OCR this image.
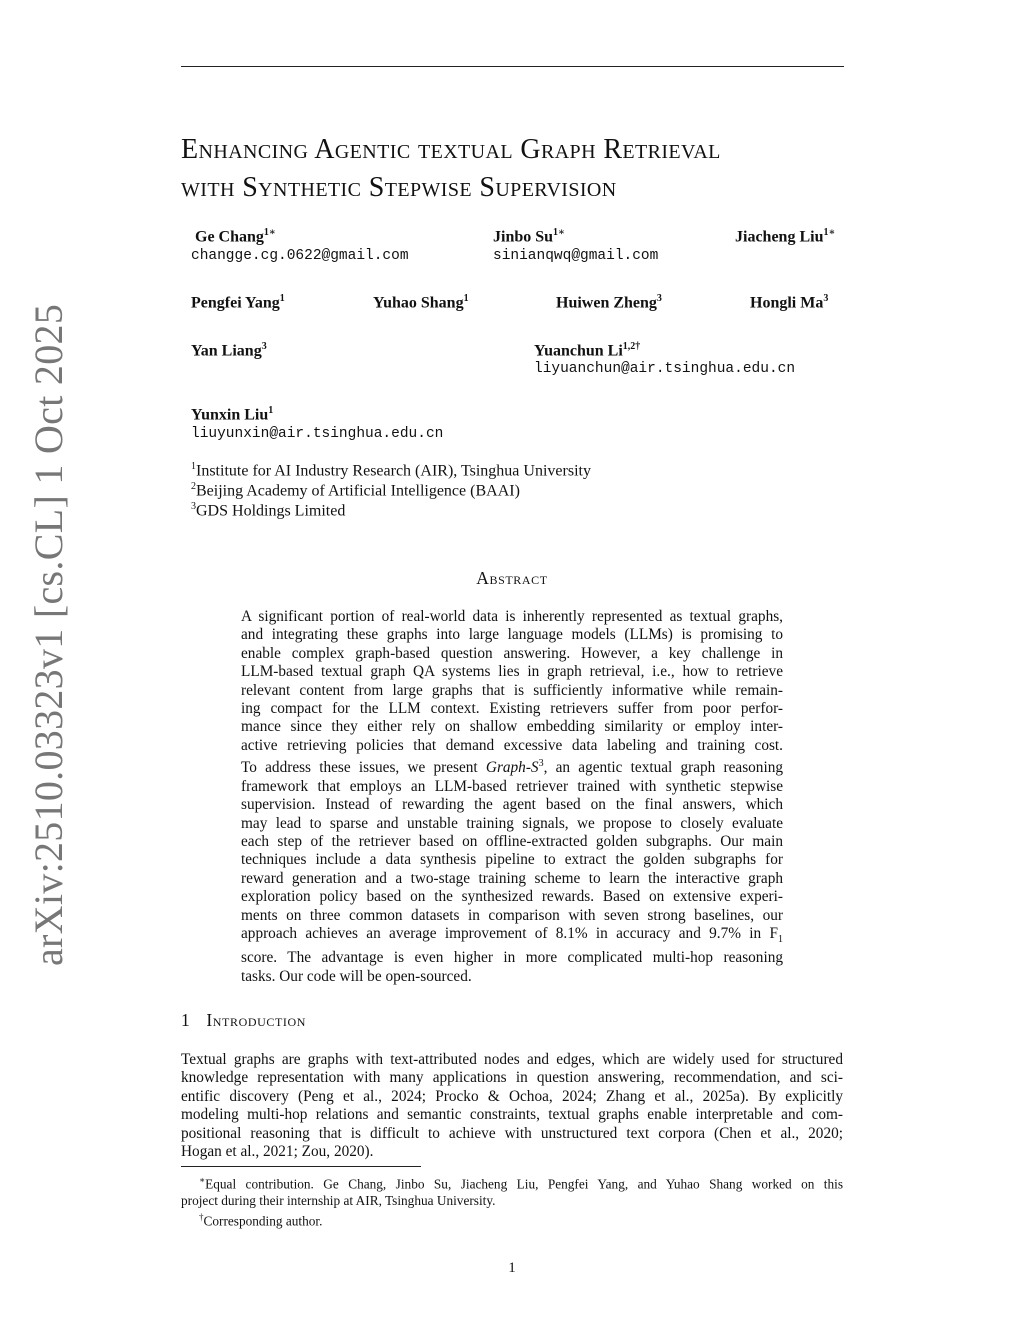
arXiv:2510.03323v1 [cs.CL] 1 Oct 2025
Enhancing Agentic textual Graph Retrieval
with Synthetic Stepwise Supervision
Ge Chang$^{1∗}$
changge.cg.0622@gmail.com
Jinbo $Su^{1∗}$
sinianqwq@gmail.com
Jiacheng Liu$^{1∗}$
Pengfei Yang$^1$	Yuhao Shang$^1$	Huiwen Zheng$^3$	Hongli Ma$^3$
Yan Liang$^3$	Yuanchun $Li^{1,2\dagger}$
liyuanchun@air.tsinghua.edu.cn
Yunxin Liu$^1$
liuyunxin@air.tsinghua.edu.cn
$^1$Institute for AI Industry Research (AIR), Tsinghua University
$^2$Beijing Academy of Artificial Intelligence (BAAI)
$^3$GDS Holdings Limited
Abstract
A significant portion of real-world data is inherently represented as textual graphs,
and integrating these graphs into large language models (LLMs) is promising to
enable complex graph-based question answering. However, a key challenge in
LLM-based textual graph QA systems lies in graph retrieval, i.e., how to retrieve
relevant content from large graphs that is sufficiently informative while remain-
ing compact for the LLM context. Existing retrievers suffer from poor perfor-
mance since they either rely on shallow embedding similarity or employ inter-
active retrieving policies that demand excessive data labeling and training cost.
To address these issues, we present Graph-$S^3$, an agentic textual graph reasoning
framework that employs an LLM-based retriever trained with synthetic stepwise
supervision. Instead of rewarding the agent based on the final answers, which
may lead to sparse and unstable training signals, we propose to closely evaluate
each step of the retriever based on offline-extracted golden subgraphs. Our main
techniques include a data synthesis pipeline to extract the golden subgraphs for
reward generation and a two-stage training scheme to learn the interactive graph
exploration policy based on the synthesized rewards. Based on extensive experi-
ments on three common datasets in comparison with seven strong baselines, our
approach achieves an average improvement of 8.1% in accuracy and 9.7% in $F_1$
score. The advantage is even higher in more complicated multi-hop reasoning
tasks. Our code will be open-sourced.
1 Introduction
Textual graphs are graphs with text-attributed nodes and edges, which are widely used for structured
knowledge representation with many applications in question answering, recommendation, and sci-
entific discovery (Peng et al., 2024; Procko & Ochoa, 2024; Zhang et al., 2025a). By explicitly
modeling multi-hop relations and semantic constraints, textual graphs enable interpretable and com-
positional reasoning that is difficult to achieve with unstructured text corpora (Chen et al., 2020;
Hogan et al., 2021; Zou, 2020).
∗Equal contribution. Ge Chang, Jinbo Su, Jiacheng Liu, Pengfei Yang, and Yuhao Shang worked on this
project during their internship at AIR, Tsinghua University.
†Corresponding author.
1
